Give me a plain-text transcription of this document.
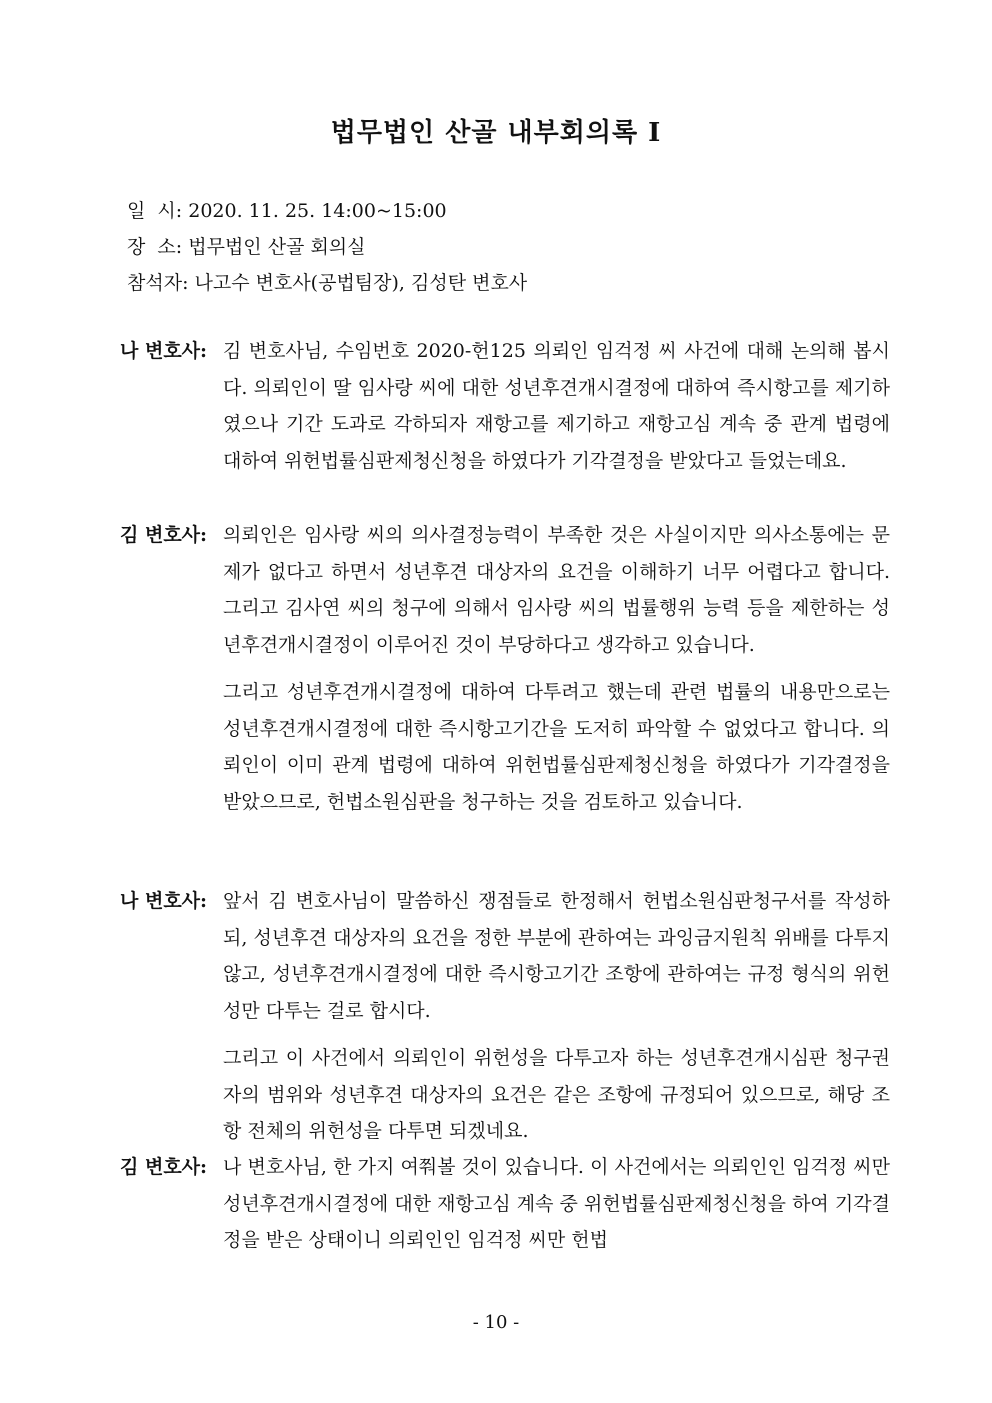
법무법인 산골 내부회의록 I
일  시: 2020. 11. 25. 14:00~15:00
장  소: 법무법인 산골 회의실
참석자: 나고수 변호사(공법팀장), 김성탄 변호사
나 변호사: 김 변호사님, 수임번호 2020-헌125 의뢰인 임걱정 씨 사건에 대해 논의해 봅시다. 의뢰인이 딸 임사랑 씨에 대한 성년후견개시결정에 대하여 즉시항고를 제기하였으나 기간 도과로 각하되자 재항고를 제기하고 재항고심 계속 중 관계 법령에 대하여 위헌법률심판제청신청을 하였다가 기각결정을 받았다고 들었는데요.
김 변호사: 의뢰인은 임사랑 씨의 의사결정능력이 부족한 것은 사실이지만 의사소통에는 문제가 없다고 하면서 성년후견 대상자의 요건을 이해하기 너무 어렵다고 합니다. 그리고 김사연 씨의 청구에 의해서 임사랑 씨의 법률행위 능력 등을 제한하는 성년후견개시결정이 이루어진 것이 부당하다고 생각하고 있습니다.
그리고 성년후견개시결정에 대하여 다투려고 했는데 관련 법률의 내용만으로는 성년후견개시결정에 대한 즉시항고기간을 도저히 파악할 수 없었다고 합니다. 의뢰인이 이미 관계 법령에 대하여 위헌법률심판제청신청을 하였다가 기각결정을 받았으므로, 헌법소원심판을 청구하는 것을 검토하고 있습니다.
나 변호사: 앞서 김 변호사님이 말씀하신 쟁점들로 한정해서 헌법소원심판청구서를 작성하되, 성년후견 대상자의 요건을 정한 부분에 관하여는 과잉금지원칙 위배를 다투지 않고, 성년후견개시결정에 대한 즉시항고기간 조항에 관하여는 규정 형식의 위헌성만 다투는 걸로 합시다.
그리고 이 사건에서 의뢰인이 위헌성을 다투고자 하는 성년후견개시심판 청구권자의 범위와 성년후견 대상자의 요건은 같은 조항에 규정되어 있으므로, 해당 조항 전체의 위헌성을 다투면 되겠네요.
김 변호사: 나 변호사님, 한 가지 여쭤볼 것이 있습니다. 이 사건에서는 의뢰인인 임걱정 씨만 성년후견개시결정에 대한 재항고심 계속 중 위헌법률심판제청신청을 하여 기각결정을 받은 상태이니 의뢰인인 임걱정 씨만 헌법
- 10 -
